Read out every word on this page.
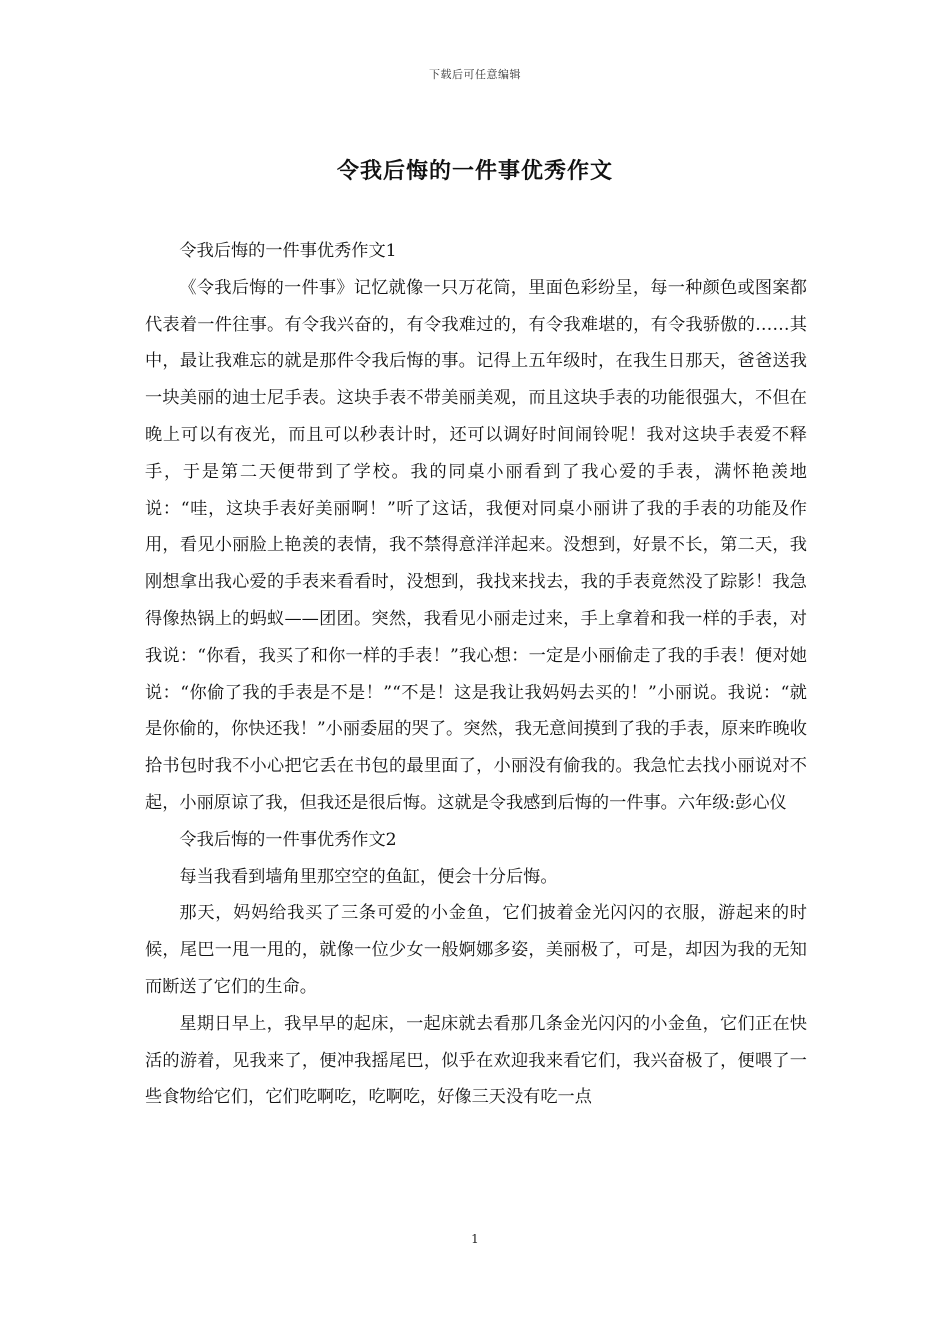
下载后可任意编辑
令我后悔的一件事优秀作文

令我后悔的一件事优秀作文1

《令我后悔的一件事》记忆就像一只万花筒，里面色彩纷呈，每一种颜色或图案都代表着一件往事。有令我兴奋的，有令我难过的，有令我难堪的，有令我骄傲的……其中，最让我难忘的就是那件令我后悔的事。记得上五年级时，在我生日那天，爸爸送我一块美丽的迪士尼手表。这块手表不带美丽美观，而且这块手表的功能很强大，不但在晚上可以有夜光，而且可以秒表计时，还可以调好时间闹铃呢！我对这块手表爱不释手，于是第二天便带到了学校。我的同桌小丽看到了我心爱的手表，满怀艳羡地说：“哇，这块手表好美丽啊！”听了这话，我便对同桌小丽讲了我的手表的功能及作用，看见小丽脸上艳羡的表情，我不禁得意洋洋起来。没想到，好景不长，第二天，我刚想拿出我心爱的手表来看看时，没想到，我找来找去，我的手表竟然没了踪影！我急得像热锅上的蚂蚁——团团。突然，我看见小丽走过来，手上拿着和我一样的手表，对我说：“你看，我买了和你一样的手表！”我心想：一定是小丽偷走了我的手表！便对她说：“你偷了我的手表是不是！”“不是！这是我让我妈妈去买的！”小丽说。我说：“就是你偷的，你快还我！”小丽委屈的哭了。突然，我无意间摸到了我的手表，原来昨晚收拾书包时我不小心把它丢在书包的最里面了，小丽没有偷我的。我急忙去找小丽说对不起，小丽原谅了我，但我还是很后悔。这就是令我感到后悔的一件事。六年级:彭心仪

令我后悔的一件事优秀作文2

每当我看到墙角里那空空的鱼缸，便会十分后悔。

那天，妈妈给我买了三条可爱的小金鱼，它们披着金光闪闪的衣服，游起来的时候，尾巴一甩一甩的，就像一位少女一般婀娜多姿，美丽极了，可是，却因为我的无知而断送了它们的生命。

星期日早上，我早早的起床，一起床就去看那几条金光闪闪的小金鱼，它们正在快活的游着，见我来了，便冲我摇尾巴，似乎在欢迎我来看它们，我兴奋极了，便喂了一些食物给它们，它们吃啊吃，吃啊吃，好像三天没有吃一点

1
